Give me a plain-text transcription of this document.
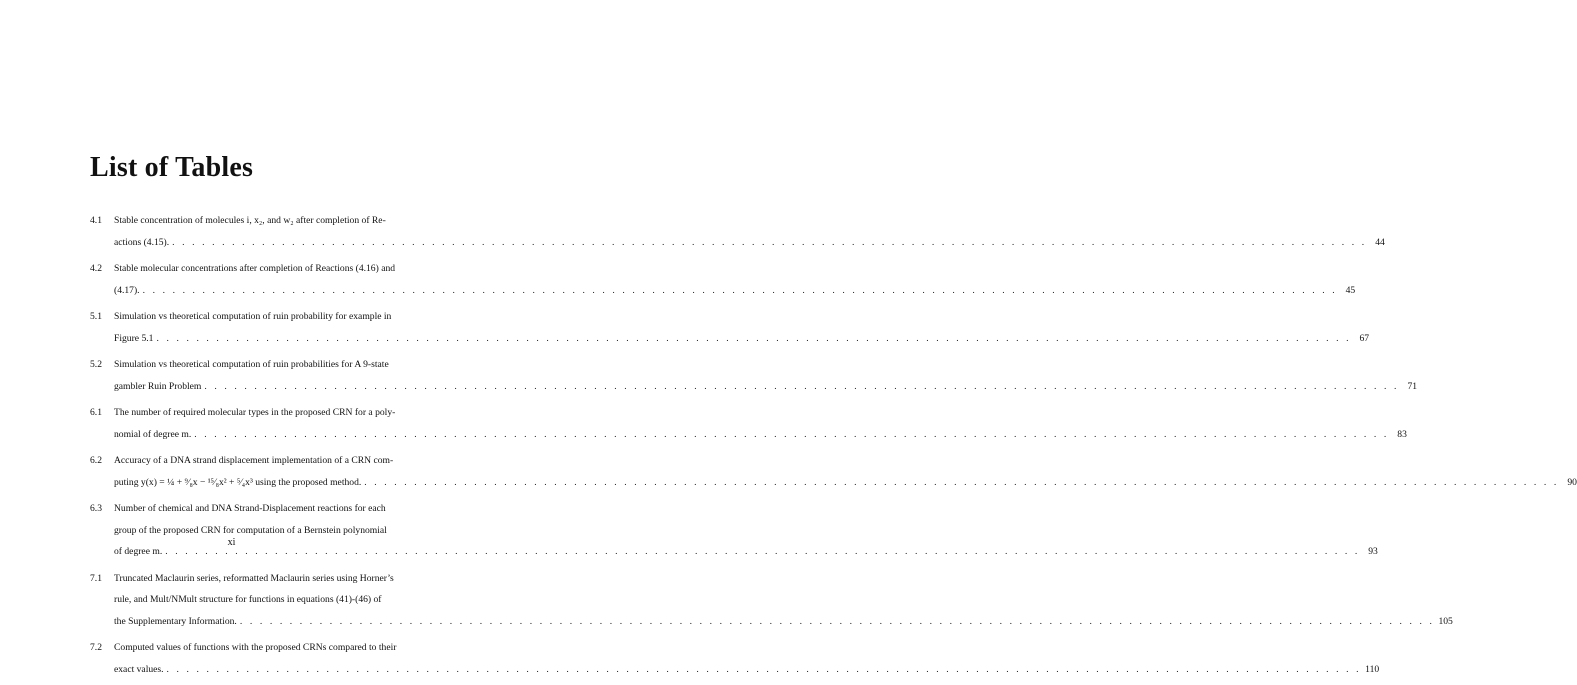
List of Tables
4.1	Stable concentration of molecules i, x₂, and w₂ after completion of Re-
actions (4.15). . . . . . . . . . . . . . . . . . . . . . . . . . . . . . . . . . . . . . . . . . . . . . . . . . . . . . . . . . . . . . . . . . . . . . . . . . . . . . . . . . . . . . . . . . . . . . . . . . . . . . . . . . . . . . . . . . . . . . . . . 44
4.2	Stable molecular concentrations after completion of Reactions (4.16) and
(4.17). . . . . . . . . . . . . . . . . . . . . . . . . . . . . . . . . . . . . . . . . . . . . . . . . . . . . . . . . . . . . . . . . . . . . . . . . . . . . . . . . . . . . . . . . . . . . . . . . . . . . . . . . . . . . . . . . . . . . . . . . 45
5.1	Simulation vs theoretical computation of ruin probability for example in
Figure 5.1 . . . . . . . . . . . . . . . . . . . . . . . . . . . . . . . . . . . . . . . . . . . . . . . . . . . . . . . . . . . . . . . . . . . . . . . . . . . . . . . . . . . . . . . . . . . . . . . . . . . . . . . . . . . . . . . . . . . . . . . . 67
5.2	Simulation vs theoretical computation of ruin probabilities for A 9-state
gambler Ruin Problem . . . . . . . . . . . . . . . . . . . . . . . . . . . . . . . . . . . . . . . . . . . . . . . . . . . . . . . . . . . . . . . . . . . . . . . . . . . . . . . . . . . . . . . . . . . . . . . . . . . . . . . . . . . . . . . . . . . . . . . . 71
6.1	The number of required molecular types in the proposed CRN for a poly-
nomial of degree m. . . . . . . . . . . . . . . . . . . . . . . . . . . . . . . . . . . . . . . . . . . . . . . . . . . . . . . . . . . . . . . . . . . . . . . . . . . . . . . . . . . . . . . . . . . . . . . . . . . . . . . . . . . . . . . . . . . . . . . . . 83
6.2	Accuracy of a DNA strand displacement implementation of a CRN com-
puting y(x) = ¼ + ⁹⁄₈x − ¹⁵⁄₈x² + ⁵⁄₄x³ using the proposed method. . . . . . . . . . . . . . . . . . . . . . . . . . . . . . . . . . . . . . . . . . . . . . . . . . . . . . . . . . . . . . . . . . . . . . . . . . . . . . . . . . . . . . . . . . . . . . . . . . . . . . . . . . . . . . . . . . . . . . . . . 90
6.3	Number of chemical and DNA Strand-Displacement reactions for each
group of the proposed CRN for computation of a Bernstein polynomial
of degree m. . . . . . . . . . . . . . . . . . . . . . . . . . . . . . . . . . . . . . . . . . . . . . . . . . . . . . . . . . . . . . . . . . . . . . . . . . . . . . . . . . . . . . . . . . . . . . . . . . . . . . . . . . . . . . . . . . . . . . . . . 93
7.1	Truncated Maclaurin series, reformatted Maclaurin series using Horner’s
rule, and Mult/NMult structure for functions in equations (41)-(46) of
the Supplementary Information. . . . . . . . . . . . . . . . . . . . . . . . . . . . . . . . . . . . . . . . . . . . . . . . . . . . . . . . . . . . . . . . . . . . . . . . . . . . . . . . . . . . . . . . . . . . . . . . . . . . . . . . . . . . . . . . . . . . . . . . . 105
7.2	Computed values of functions with the proposed CRNs compared to their
exact values. . . . . . . . . . . . . . . . . . . . . . . . . . . . . . . . . . . . . . . . . . . . . . . . . . . . . . . . . . . . . . . . . . . . . . . . . . . . . . . . . . . . . . . . . . . . . . . . . . . . . . . . . . . . . . . . . . . . . . . . . 110
xi
